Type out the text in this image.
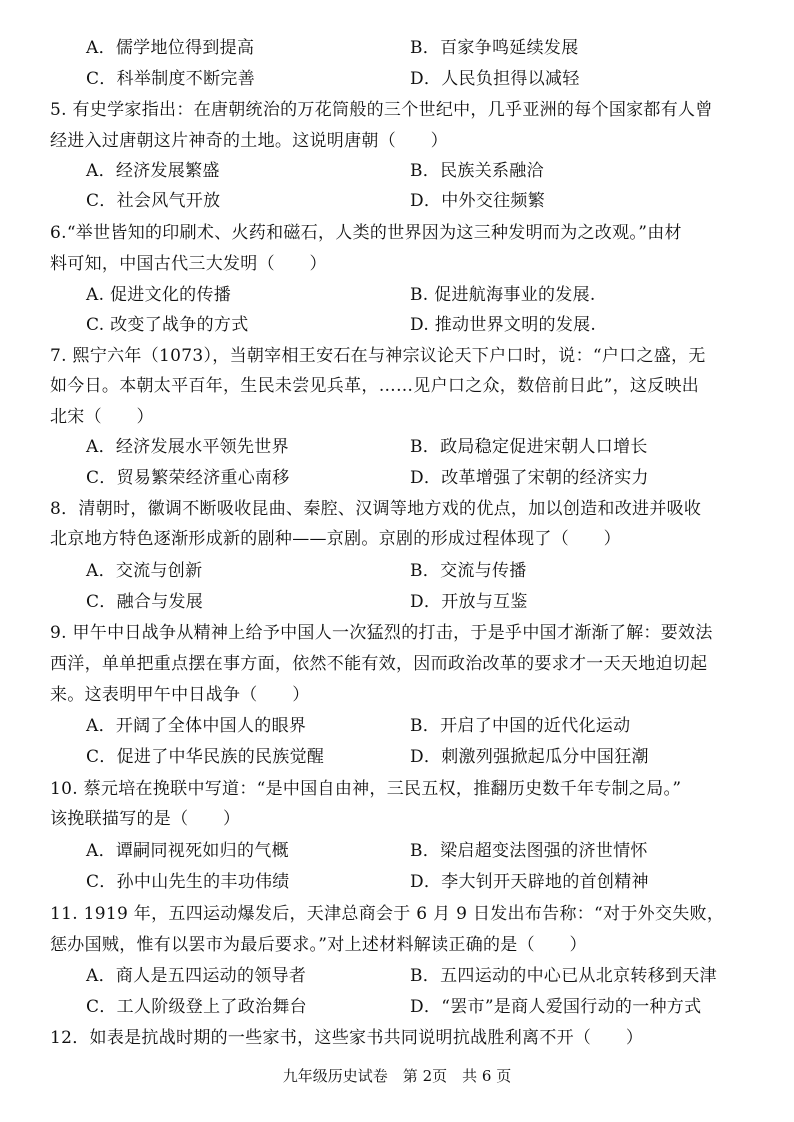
A．儒学地位得到提高	B．百家争鸣延续发展
C．科举制度不断完善	D．人民负担得以减轻
5. 有史学家指出：在唐朝统治的万花筒般的三个世纪中，几乎亚洲的每个国家都有人曾
经进入过唐朝这片神奇的土地。这说明唐朝（　　）
A．经济发展繁盛	B．民族关系融洽
C．社会风气开放	D．中外交往频繁
6.“举世皆知的印刷术、火药和磁石，人类的世界因为这三种发明而为之改观。”由材
料可知，中国古代三大发明（　　）
A. 促进文化的传播	B. 促进航海事业的发展.
C. 改变了战争的方式	D. 推动世界文明的发展.
7. 熙宁六年（1073），当朝宰相王安石在与神宗议论天下户口时，说：“户口之盛，无
如今日。本朝太平百年，生民未尝见兵革，……见户口之众，数倍前日此”，这反映出
北宋（　　）
A．经济发展水平领先世界	B．政局稳定促进宋朝人口增长
C．贸易繁荣经济重心南移	D．改革增强了宋朝的经济实力
8．清朝时，徽调不断吸收昆曲、秦腔、汉调等地方戏的优点，加以创造和改进并吸收
北京地方特色逐渐形成新的剧种——京剧。京剧的形成过程体现了（　　）
A．交流与创新	B．交流与传播
C．融合与发展	D．开放与互鉴
9. 甲午中日战争从精神上给予中国人一次猛烈的打击，于是乎中国才渐渐了解：要效法
西洋，单单把重点摆在事方面，依然不能有效，因而政治改革的要求才一天天地迫切起
来。这表明甲午中日战争（　　）
A．开阔了全体中国人的眼界	B．开启了中国的近代化运动
C．促进了中华民族的民族觉醒	D．刺激列强掀起瓜分中国狂潮
10. 蔡元培在挽联中写道：“是中国自由神，三民五权，推翻历史数千年专制之局。”
该挽联描写的是（　　）
A．谭嗣同视死如归的气概	B．梁启超变法图强的济世情怀
C．孙中山先生的丰功伟绩	D．李大钊开天辟地的首创精神
11. 1919 年，五四运动爆发后，天津总商会于 6 月 9 日发出布告称：“对于外交失败，
惩办国贼，惟有以罢市为最后要求。”对上述材料解读正确的是（　　）
A．商人是五四运动的领导者	B．五四运动的中心已从北京转移到天津
C．工人阶级登上了政治舞台	D．“罢市”是商人爱国行动的一种方式
12．如表是抗战时期的一些家书，这些家书共同说明抗战胜利离不开（　　）
九年级历史试卷　第 2页　共 6 页
